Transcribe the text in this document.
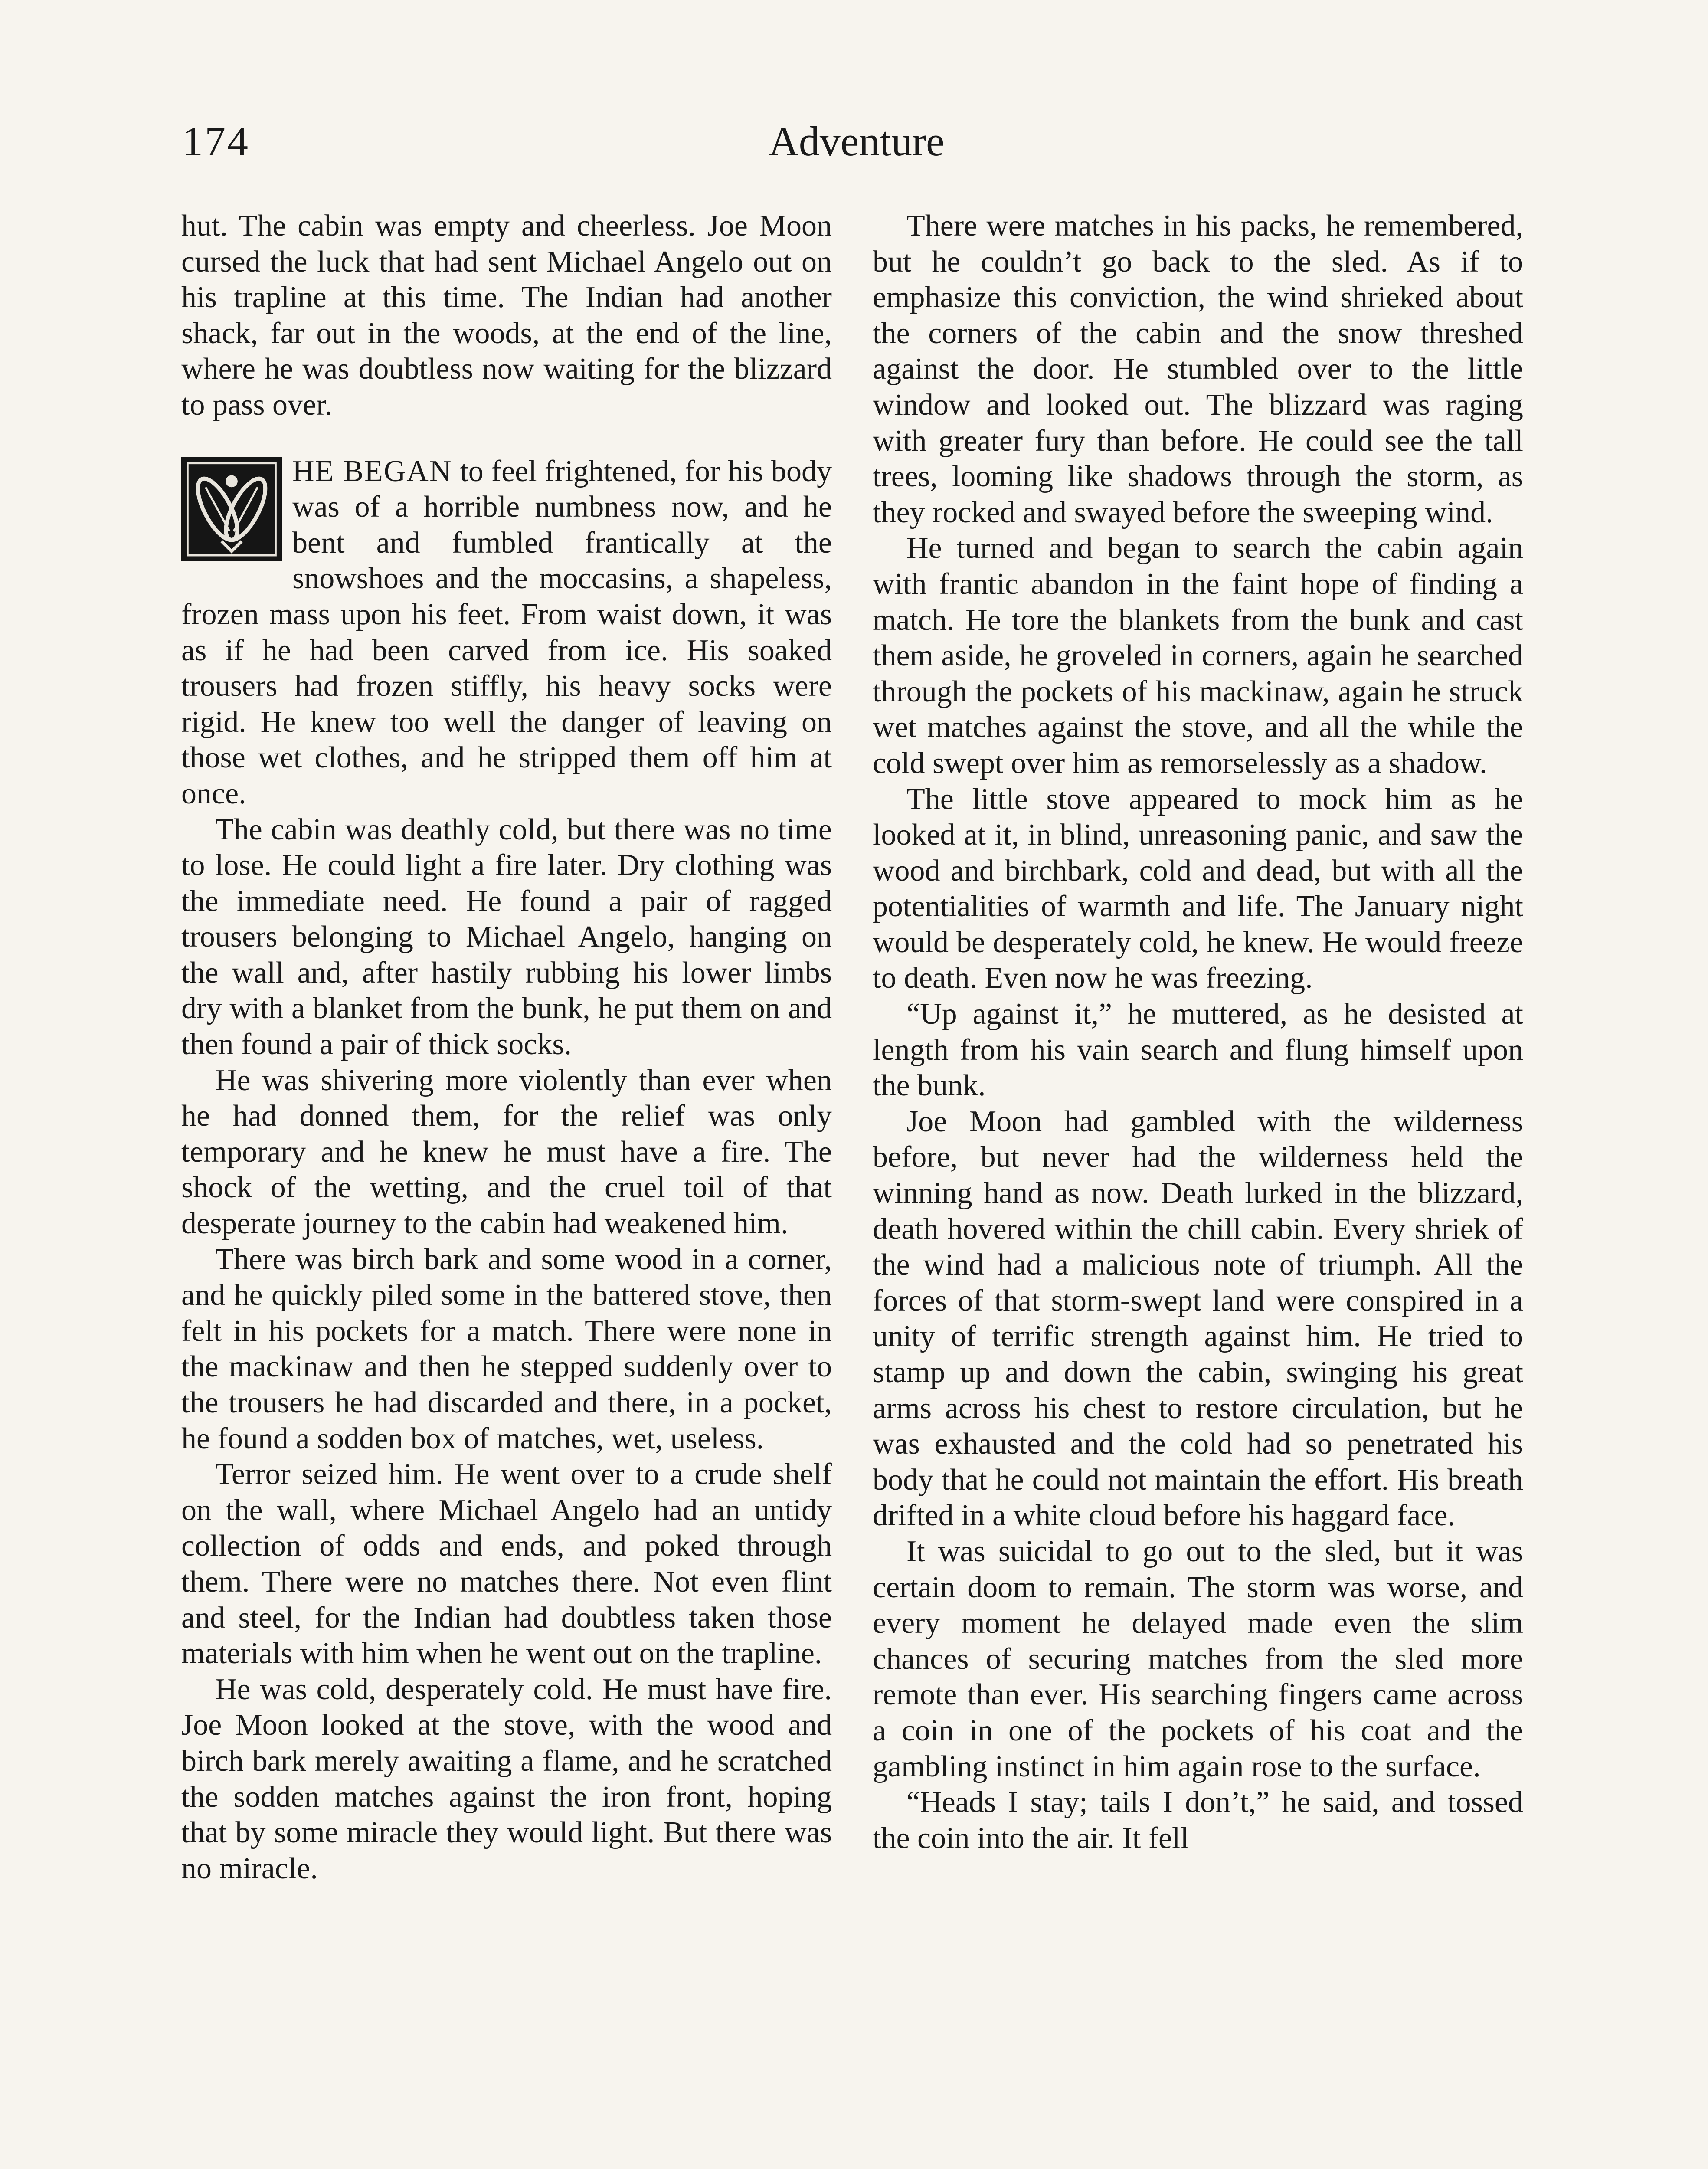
174	Adventure

hut. The cabin was empty and cheerless. Joe Moon cursed the luck that had sent Michael Angelo out on his trapline at this time. The Indian had another shack, far out in the woods, at the end of the line, where he was doubtless now waiting for the blizzard to pass over.

HE BEGAN to feel frightened, for his body was of a horrible numbness now, and he bent and fumbled frantically at the snowshoes and the moccasins, a shapeless, frozen mass upon his feet. From waist down, it was as if he had been carved from ice. His soaked trousers had frozen stiffly, his heavy socks were rigid. He knew too well the danger of leaving on those wet clothes, and he stripped them off him at once.

The cabin was deathly cold, but there was no time to lose. He could light a fire later. Dry clothing was the immediate need. He found a pair of ragged trousers belonging to Michael Angelo, hanging on the wall and, after hastily rubbing his lower limbs dry with a blanket from the bunk, he put them on and then found a pair of thick socks.

He was shivering more violently than ever when he had donned them, for the relief was only temporary and he knew he must have a fire. The shock of the wetting, and the cruel toil of that desperate journey to the cabin had weakened him.

There was birch bark and some wood in a corner, and he quickly piled some in the battered stove, then felt in his pockets for a match. There were none in the mackinaw and then he stepped suddenly over to the trousers he had discarded and there, in a pocket, he found a sodden box of matches, wet, useless.

Terror seized him. He went over to a crude shelf on the wall, where Michael Angelo had an untidy collection of odds and ends, and poked through them. There were no matches there. Not even flint and steel, for the Indian had doubtless taken those materials with him when he went out on the trapline.

He was cold, desperately cold. He must have fire. Joe Moon looked at the stove, with the wood and birch bark merely awaiting a flame, and he scratched the sodden matches against the iron front, hoping that by some miracle they would light. But there was no miracle.

There were matches in his packs, he remembered, but he couldn’t go back to the sled. As if to emphasize this conviction, the wind shrieked about the corners of the cabin and the snow threshed against the door. He stumbled over to the little window and looked out. The blizzard was raging with greater fury than before. He could see the tall trees, looming like shadows through the storm, as they rocked and swayed before the sweeping wind.

He turned and began to search the cabin again with frantic abandon in the faint hope of finding a match. He tore the blankets from the bunk and cast them aside, he groveled in corners, again he searched through the pockets of his mackinaw, again he struck wet matches against the stove, and all the while the cold swept over him as remorselessly as a shadow.

The little stove appeared to mock him as he looked at it, in blind, unreasoning panic, and saw the wood and birchbark, cold and dead, but with all the potentialities of warmth and life. The January night would be desperately cold, he knew. He would freeze to death. Even now he was freezing.

“Up against it,” he muttered, as he desisted at length from his vain search and flung himself upon the bunk.

Joe Moon had gambled with the wilderness before, but never had the wilderness held the winning hand as now. Death lurked in the blizzard, death hovered within the chill cabin. Every shriek of the wind had a malicious note of triumph. All the forces of that storm-swept land were conspired in a unity of terrific strength against him. He tried to stamp up and down the cabin, swinging his great arms across his chest to restore circulation, but he was exhausted and the cold had so penetrated his body that he could not maintain the effort. His breath drifted in a white cloud before his haggard face.

It was suicidal to go out to the sled, but it was certain doom to remain. The storm was worse, and every moment he delayed made even the slim chances of securing matches from the sled more remote than ever. His searching fingers came across a coin in one of the pockets of his coat and the gambling instinct in him again rose to the surface.

“Heads I stay; tails I don’t,” he said, and tossed the coin into the air. It fell
